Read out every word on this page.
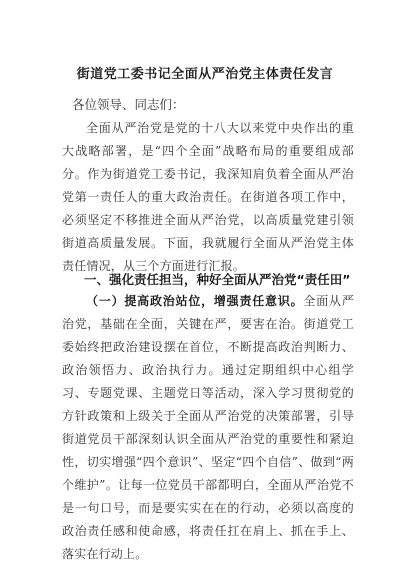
街道党工委书记全面从严治党主体责任发言
各位领导、同志们：
全面从严治党是党的十八大以来党中央作出的重大战略部署，是“四个全面”战略布局的重要组成部分。作为街道党工委书记，我深知肩负着全面从严治党第一责任人的重大政治责任。在街道各项工作中，必须坚定不移推进全面从严治党，以高质量党建引领街道高质量发展。下面，我就履行全面从严治党主体责任情况，从三个方面进行汇报。
一、强化责任担当，种好全面从严治党“责任田”
（一）提高政治站位，增强责任意识。全面从严治党，基础在全面，关键在严，要害在治。街道党工委始终把政治建设摆在首位，不断提高政治判断力、政治领悟力、政治执行力。通过定期组织中心组学习、专题党课、主题党日等活动，深入学习贯彻党的方针政策和上级关于全面从严治党的决策部署，引导街道党员干部深刻认识全面从严治党的重要性和紧迫性，切实增强“四个意识”、坚定“四个自信”、做到“两个维护”。让每一位党员干部都明白，全面从严治党不是一句口号，而是要实实在在的行动，必须以高度的政治责任感和使命感，将责任扛在肩上、抓在手上、落实在行动上。
